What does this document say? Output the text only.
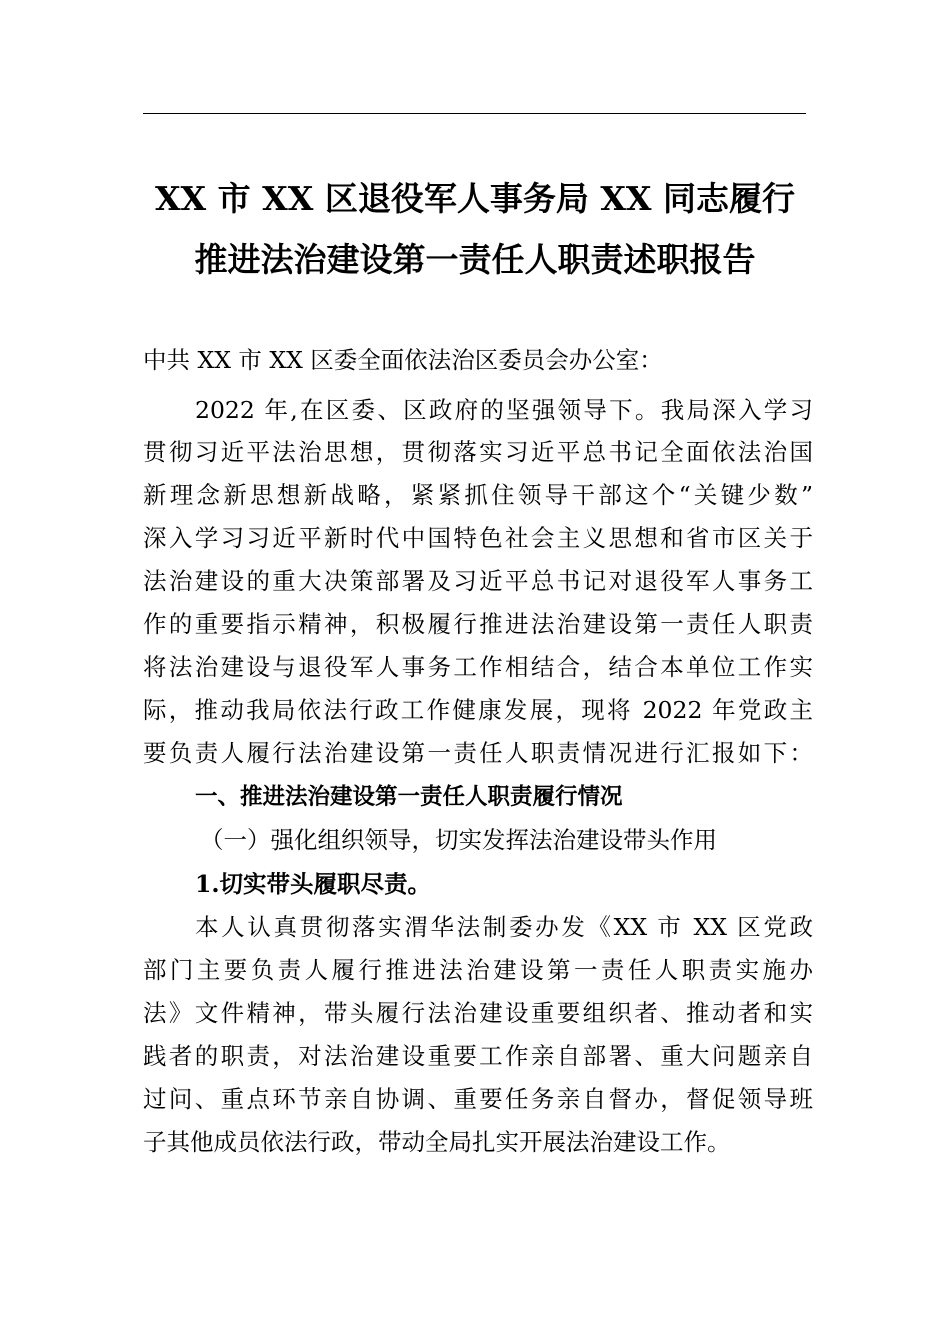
XX 市 XX 区退役军人事务局 XX 同志履行
推进法治建设第一责任人职责述职报告
中共 XX 市 XX 区委全面依法治区委员会办公室：
2022 年,在区委、区政府的坚强领导下。我局深入学习
贯彻习近平法治思想，贯彻落实习近平总书记全面依法治国
新理念新思想新战略，紧紧抓住领导干部这个“关键少数”
深入学习习近平新时代中国特色社会主义思想和省市区关于
法治建设的重大决策部署及习近平总书记对退役军人事务工
作的重要指示精神，积极履行推进法治建设第一责任人职责
将法治建设与退役军人事务工作相结合，结合本单位工作实
际，推动我局依法行政工作健康发展，现将 2022 年党政主
要负责人履行法治建设第一责任人职责情况进行汇报如下：
一、推进法治建设第一责任人职责履行情况
（一）强化组织领导，切实发挥法治建设带头作用
1.切实带头履职尽责。
本人认真贯彻落实渭华法制委办发《XX 市 XX 区党政
部门主要负责人履行推进法治建设第一责任人职责实施办
法》文件精神，带头履行法治建设重要组织者、推动者和实
践者的职责，对法治建设重要工作亲自部署、重大问题亲自
过问、重点环节亲自协调、重要任务亲自督办，督促领导班
子其他成员依法行政，带动全局扎实开展法治建设工作。
